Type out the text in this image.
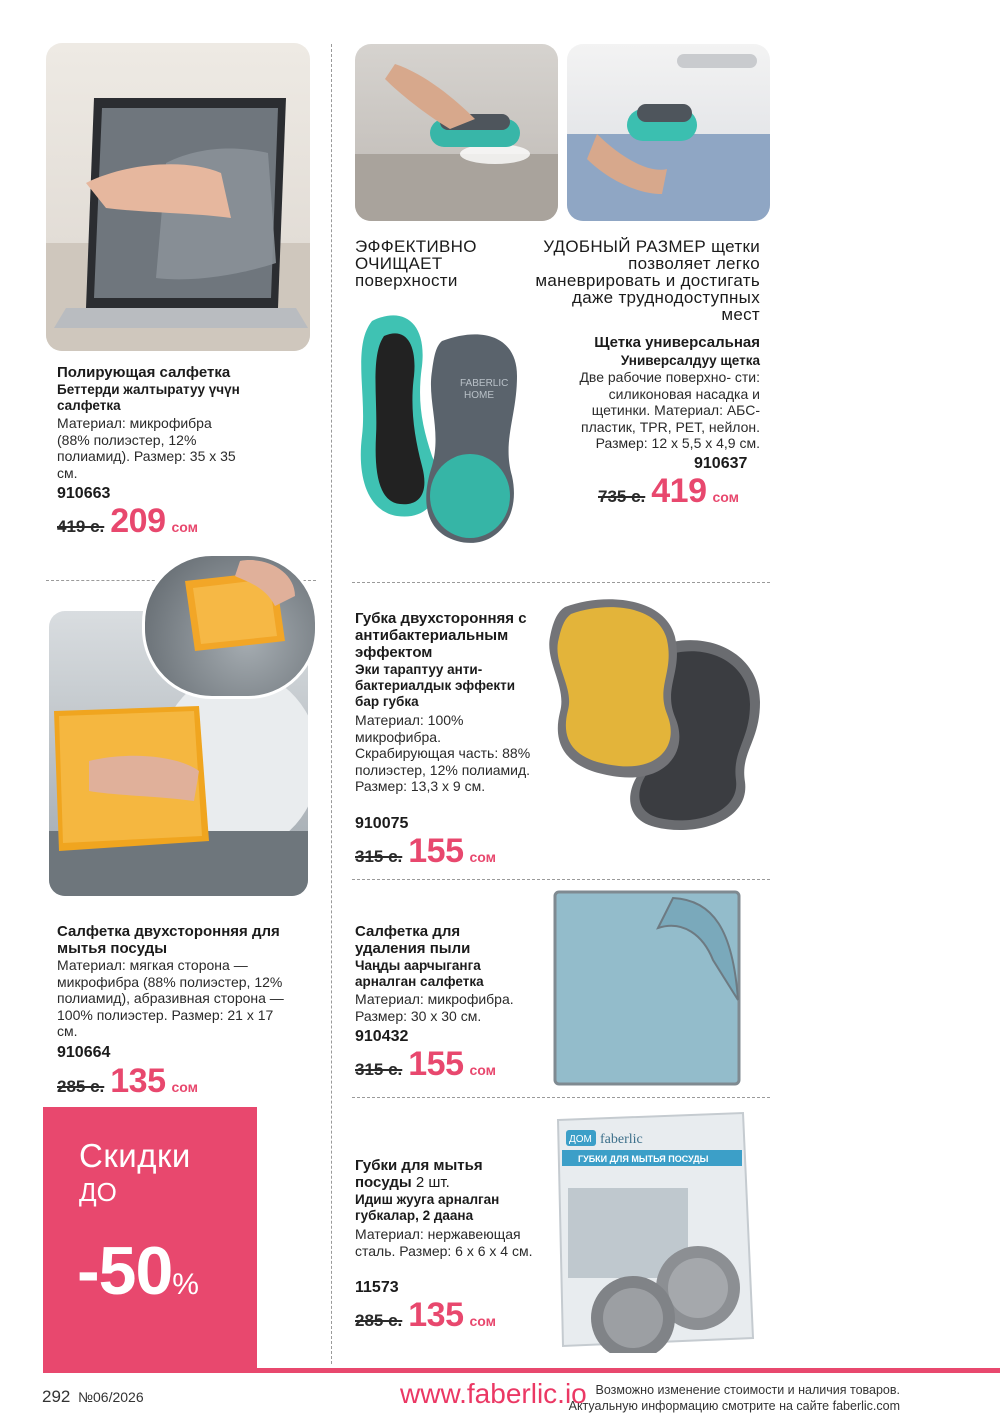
Полирующая салфетка
Беттерди жалтыратуу үчүн салфетка
Материал: микрофибра (88% полиэстер, 12% полиамид). Размер: 35 х 35 см.
910663
419 с. 209 сом
ЭФФЕКТИВНО ОЧИЩАЕТ поверхности
УДОБНЫЙ РАЗМЕР щетки позволяет легко маневрировать и достигать даже труднодоступных мест
FABERLIC
HOME
Щетка универсальная
Универсалдуу щетка
Две рабочие поверхно- сти: силиконовая насадка и щетинки. Материал: АБС- пластик, TPR, PET, нейлон. Размер: 12 х 5,5 х 4,9 см.
910637
735 с. 419 сом
Губка двухсторонняя с антибактериальным эффектом
Эки тараптуу анти- бактериалдык эффекти бар губка
Материал: 100% микрофибра. Скрабирующая часть: 88% полиэстер, 12% полиамид. Размер: 13,3 х 9 см.
910075
315 с. 155 сом
Салфетка двухсторонняя для мытья посуды
Материал: мягкая сторона — микрофибра (88% полиэстер, 12% полиамид), абразивная сторона — 100% полиэстер. Размер: 21 х 17 см.
910664
285 с. 135 сом
Салфетка для удаления пыли
Чаңды аарчыганга арналган салфетка
Материал: микрофибра. Размер: 30 х 30 см.
910432
315 с. 155 сом
Губки для мытья посуды 2 шт.
Идиш жууга арналган губкалар, 2 даана
Материал: нержавеющая сталь. Размер: 6 х 6 х 4 см.
11573
285 с. 135 сом
ДОМ faberlic
ГУБКИ ДЛЯ МЫТЬЯ ПОСУДЫ
Скидки
ДО
-50%
292 №06/2026	Возможно изменение стоимости и наличия товаров.
Актуальную информацию смотрите на сайте faberlic.com
www.faberlic.io
